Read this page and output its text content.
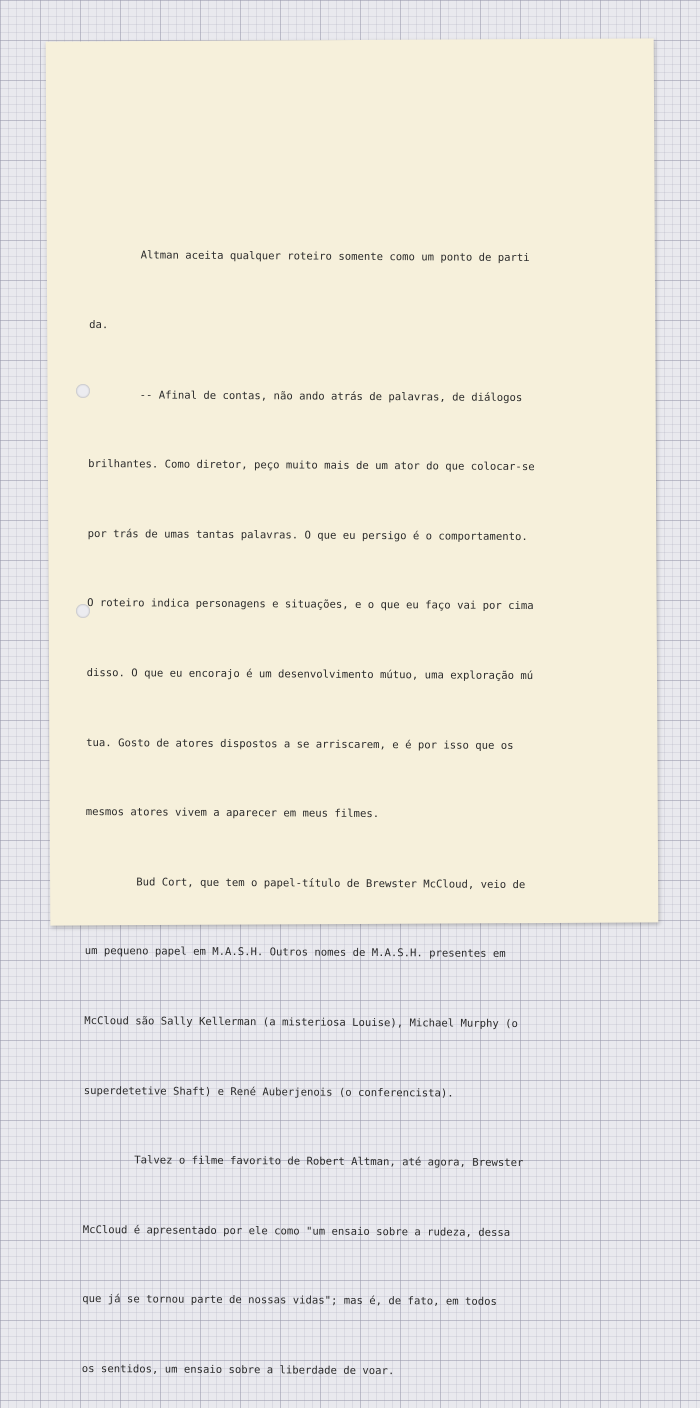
Altman aceita qualquer roteiro somente como um ponto de parti

da.

-- Afinal de contas, não ando atrás de palavras, de diálogos

brilhantes. Como diretor, peço muito mais de um ator do que colocar-se

por trás de umas tantas palavras. O que eu persigo é o comportamento.

O roteiro indica personagens e situações, e o que eu faço vai por cima

disso. O que eu encorajo é um desenvolvimento mútuo, uma exploração mú

tua. Gosto de atores dispostos a se arriscarem, e é por isso que os

mesmos atores vivem a aparecer em meus filmes.

Bud Cort, que tem o papel-título de Brewster McCloud, veio de

um pequeno papel em M.A.S.H. Outros nomes de M.A.S.H. presentes em

McCloud são Sally Kellerman (a misteriosa Louise), Michael Murphy (o

superdetetive Shaft) e René Auberjenois (o conferencista).

Talvez o filme favorito de Robert Altman, até agora, Brewster

McCloud é apresentado por ele como "um ensaio sobre a rudeza, dessa

que já se tornou parte de nossas vidas"; mas é, de fato, em todos

os sentidos, um ensaio sobre a liberdade de voar.
